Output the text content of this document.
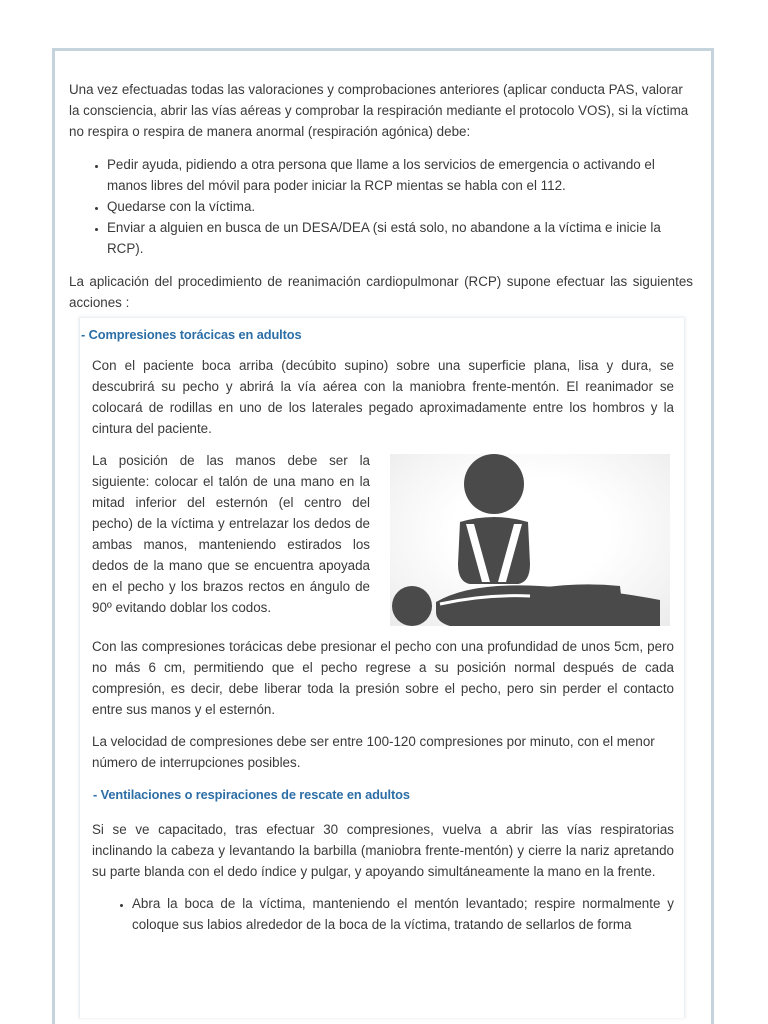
Una vez efectuadas todas las valoraciones y comprobaciones anteriores (aplicar conducta PAS, valorar la consciencia, abrir las vías aéreas y comprobar la respiración mediante el protocolo VOS), si la víctima no respira o respira de manera anormal (respiración agónica) debe:

• Pedir ayuda, pidiendo a otra persona que llame a los servicios de emergencia o activando el manos libres del móvil para poder iniciar la RCP mientas se habla con el 112.
• Quedarse con la víctima.
• Enviar a alguien en busca de un DESA/DEA (si está solo, no abandone a la víctima e inicie la RCP).

La aplicación del procedimiento de reanimación cardiopulmonar (RCP) supone efectuar las siguientes acciones :

- Compresiones torácicas en adultos

Con el paciente boca arriba (decúbito supino) sobre una superficie plana, lisa y dura, se descubrirá su pecho y abrirá la vía aérea con la maniobra frente-mentón. El reanimador se colocará de rodillas en uno de los laterales pegado aproximadamente entre los hombros y la cintura del paciente.

La posición de las manos debe ser la siguiente: colocar el talón de una mano en la mitad inferior del esternón (el centro del pecho) de la víctima y entrelazar los dedos de ambas manos, manteniendo estirados los dedos de la mano que se encuentra apoyada en el pecho y los brazos rectos en ángulo de 90º evitando doblar los codos.

Con las compresiones torácicas debe presionar el pecho con una profundidad de unos 5cm, pero no más 6 cm, permitiendo que el pecho regrese a su posición normal después de cada compresión, es decir, debe liberar toda la presión sobre el pecho, pero sin perder el contacto entre sus manos y el esternón.

La velocidad de compresiones debe ser entre 100-120 compresiones por minuto, con el menor número de interrupciones posibles.

- Ventilaciones o respiraciones de rescate en adultos

Si se ve capacitado, tras efectuar 30 compresiones, vuelva a abrir las vías respiratorias inclinando la cabeza y levantando la barbilla (maniobra frente-mentón) y cierre la nariz apretando su parte blanda con el dedo índice y pulgar, y apoyando simultáneamente la mano en la frente.

• Abra la boca de la víctima, manteniendo el mentón levantado; respire normalmente y coloque sus labios alrededor de la boca de la víctima, tratando de sellarlos de forma
